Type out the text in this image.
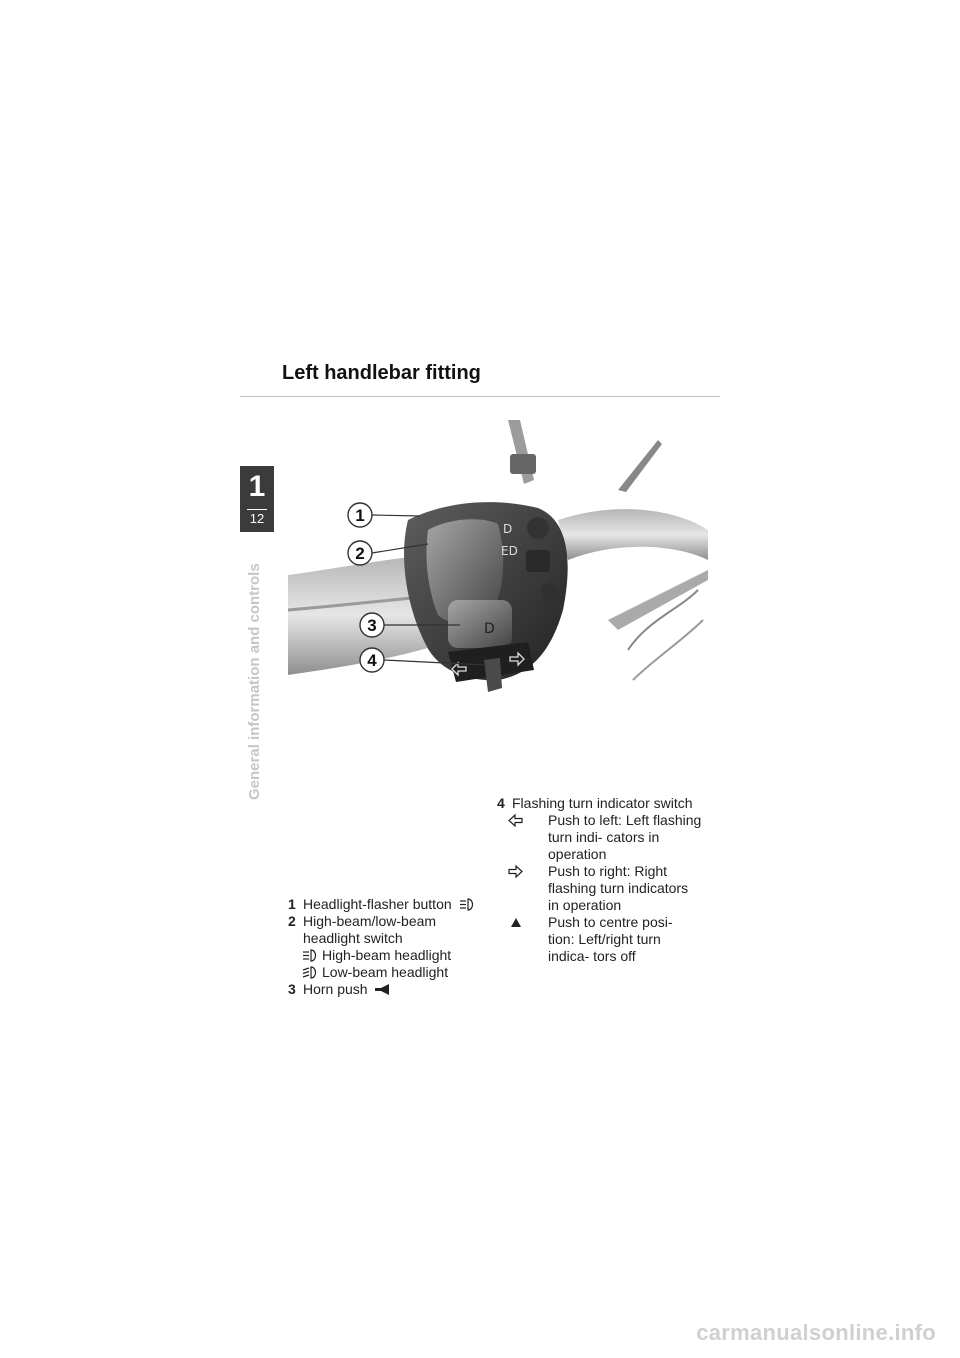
Left handlebar fitting
1
12
General information and controls
D
ED
D
1
2
3
4
1 Headlight-flasher button
2 High-beam/low-beam headlight switch
High-beam headlight
Low-beam headlight
3 Horn push
4 Flashing turn indicator switch
Push to left: Left flashing turn indi- cators in operation
Push to right: Right flashing turn indicators in operation
Push to centre posi- tion: Left/right turn indica- tors off
carmanualsonline.info
